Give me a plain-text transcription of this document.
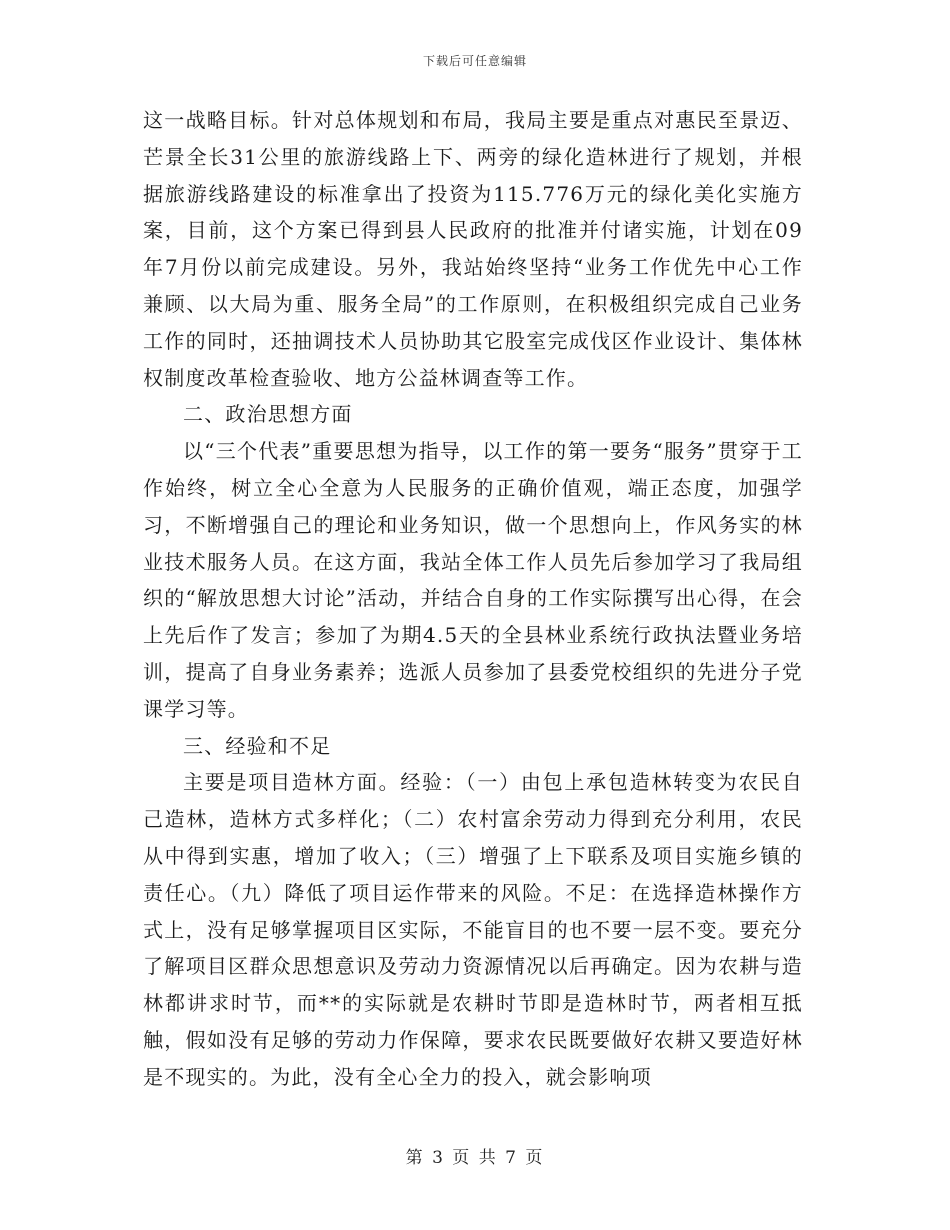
下载后可任意编辑

这一战略目标。针对总体规划和布局，我局主要是重点对惠民至景迈、芒景全长31公里的旅游线路上下、两旁的绿化造林进行了规划，并根据旅游线路建设的标准拿出了投资为115.776万元的绿化美化实施方案，目前，这个方案已得到县人民政府的批准并付诸实施，计划在09年7月份以前完成建设。另外，我站始终坚持“业务工作优先中心工作兼顾、以大局为重、服务全局”的工作原则，在积极组织完成自己业务工作的同时，还抽调技术人员协助其它股室完成伐区作业设计、集体林权制度改革检查验收、地方公益林调查等工作。

二、政治思想方面

以“三个代表”重要思想为指导，以工作的第一要务“服务”贯穿于工作始终，树立全心全意为人民服务的正确价值观，端正态度，加强学习，不断增强自己的理论和业务知识，做一个思想向上，作风务实的林业技术服务人员。在这方面，我站全体工作人员先后参加学习了我局组织的“解放思想大讨论”活动，并结合自身的工作实际撰写出心得，在会上先后作了发言；参加了为期4.5天的全县林业系统行政执法暨业务培训，提高了自身业务素养；选派人员参加了县委党校组织的先进分子党课学习等。

三、经验和不足

主要是项目造林方面。经验：（一）由包上承包造林转变为农民自己造林，造林方式多样化；（二）农村富余劳动力得到充分利用，农民从中得到实惠，增加了收入；（三）增强了上下联系及项目实施乡镇的责任心。（九）降低了项目运作带来的风险。不足：在选择造林操作方式上，没有足够掌握项目区实际，不能盲目的也不要一层不变。要充分了解项目区群众思想意识及劳动力资源情况以后再确定。因为农耕与造林都讲求时节，而**的实际就是农耕时节即是造林时节，两者相互抵触，假如没有足够的劳动力作保障，要求农民既要做好农耕又要造好林是不现实的。为此，没有全心全力的投入，就会影响项

第 3 页 共 7 页
